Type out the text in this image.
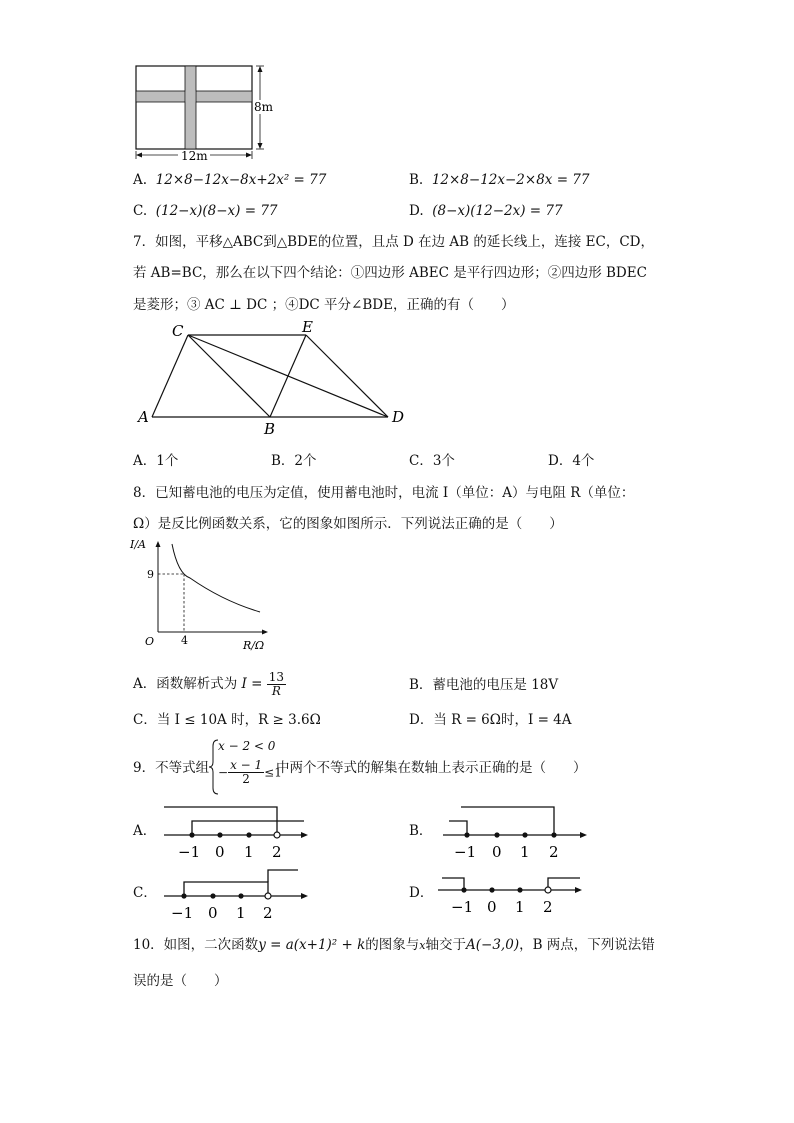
8m
12m
A. 12×8−12x−8x+2x² = 77	B. 12×8−12x−2×8x = 77
C. (12−x)(8−x) = 77	D. (8−x)(12−2x) = 77
7．如图，平移△ABC到△BDE的位置，且点 D 在边 AB 的延长线上，连接 EC，CD，
若 AB=BC，那么在以下四个结论：①四边形 ABEC 是平行四边形；②四边形 BDEC
是菱形；③ AC ⊥ DC ；④DC 平分∠BDE，正确的有（　　）
A
B
C
D
E
A．1个	B．2个	C．3个	D．4个
8．已知蓄电池的电压为定值，使用蓄电池时，电流 I（单位：A）与电阻 R（单位：
Ω）是反比例函数关系，它的图象如图所示．下列说法正确的是（　　）
I/A
R/Ω
O
9
4
A．函数解析式为 $I = \frac{13}{R}$	B．蓄电池的电压是 18V
C．当 I ≤ 10A 时，R ≥ 3.6Ω	D．当 R = 6Ω时，I = 4A
9．不等式组
x − 2 < 0
− $\frac{x - 1}{2} \le 1$
中两个不等式的解集在数轴上表示正确的是（　　）
A．
−1 0 1 2
B．
−1 0 1 2
C．
−1 0 1 2
D．
−1 0 1 2
10．如图，二次函数y = a(x+1)² + k的图象与x轴交于A(−3,0)，B 两点，下列说法错
误的是（　　）
